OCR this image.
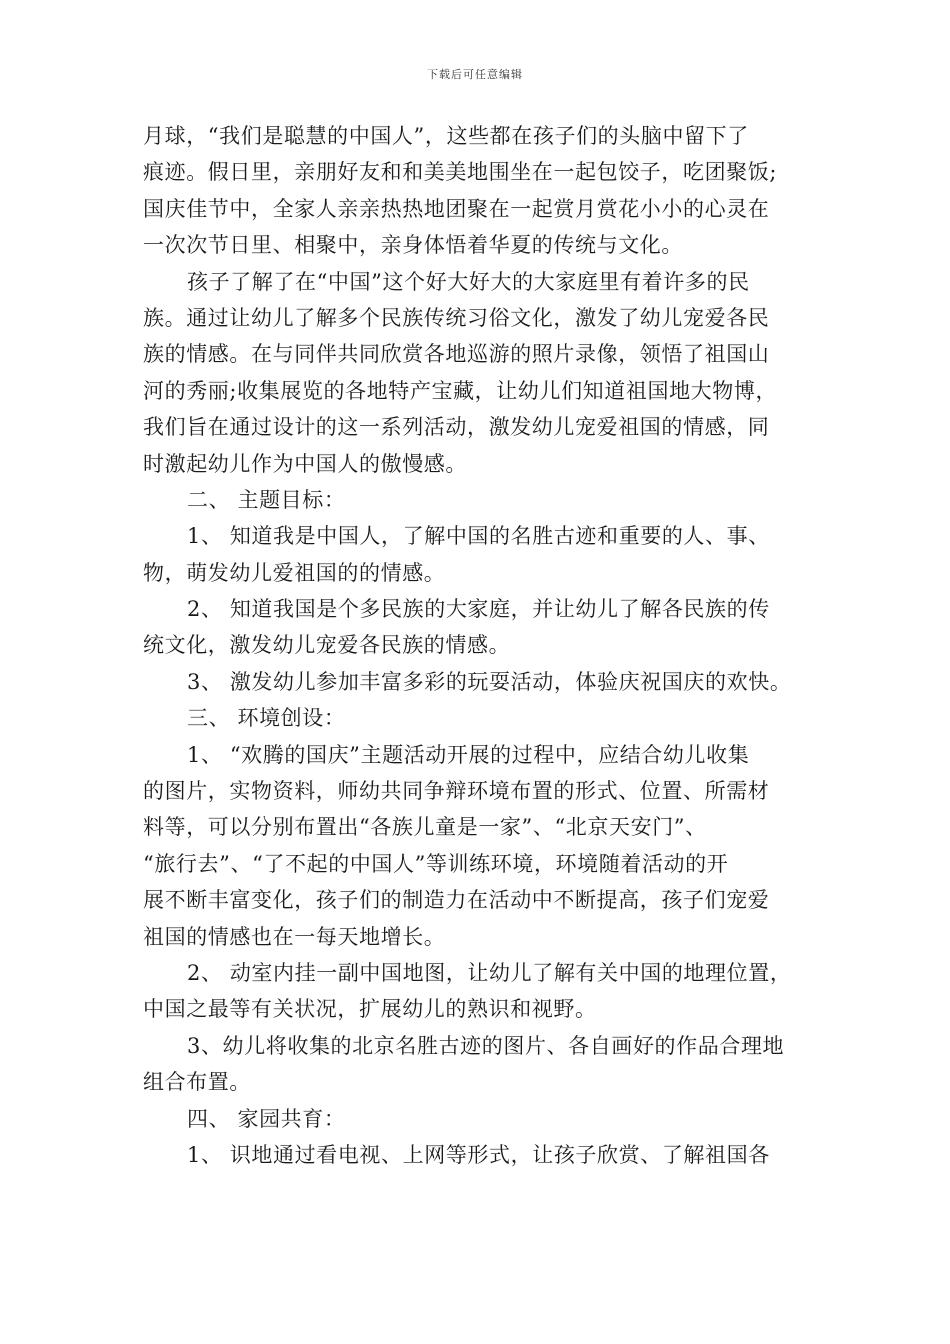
下载后可任意编辑
月球，“我们是聪慧的中国人”，这些都在孩子们的头脑中留下了
痕迹。假日里，亲朋好友和和美美地围坐在一起包饺子，吃团聚饭;
国庆佳节中，全家人亲亲热热地团聚在一起赏月赏花小小的心灵在
一次次节日里、相聚中，亲身体悟着华夏的传统与文化。
孩子了解了在“中国”这个好大好大的大家庭里有着许多的民
族。通过让幼儿了解多个民族传统习俗文化，激发了幼儿宠爱各民
族的情感。在与同伴共同欣赏各地巡游的照片录像，领悟了祖国山
河的秀丽;收集展览的各地特产宝藏，让幼儿们知道祖国地大物博，
我们旨在通过设计的这一系列活动，激发幼儿宠爱祖国的情感，同
时激起幼儿作为中国人的傲慢感。
二、 主题目标：
1、 知道我是中国人，了解中国的名胜古迹和重要的人、事、
物，萌发幼儿爱祖国的的情感。
2、 知道我国是个多民族的大家庭，并让幼儿了解各民族的传
统文化，激发幼儿宠爱各民族的情感。
3、 激发幼儿参加丰富多彩的玩耍活动，体验庆祝国庆的欢快。
三、 环境创设：
1、 “欢腾的国庆”主题活动开展的过程中，应结合幼儿收集
的图片，实物资料，师幼共同争辩环境布置的形式、位置、所需材
料等，可以分别布置出“各族儿童是一家”、“北京天安门”、
“旅行去”、“了不起的中国人”等训练环境，环境随着活动的开
展不断丰富变化，孩子们的制造力在活动中不断提高，孩子们宠爱
祖国的情感也在一每天地增长。
2、 动室内挂一副中国地图，让幼儿了解有关中国的地理位置，
中国之最等有关状况，扩展幼儿的熟识和视野。
3、幼儿将收集的北京名胜古迹的图片、各自画好的作品合理地
组合布置。
四、 家园共育：
1、 识地通过看电视、上网等形式，让孩子欣赏、了解祖国各
